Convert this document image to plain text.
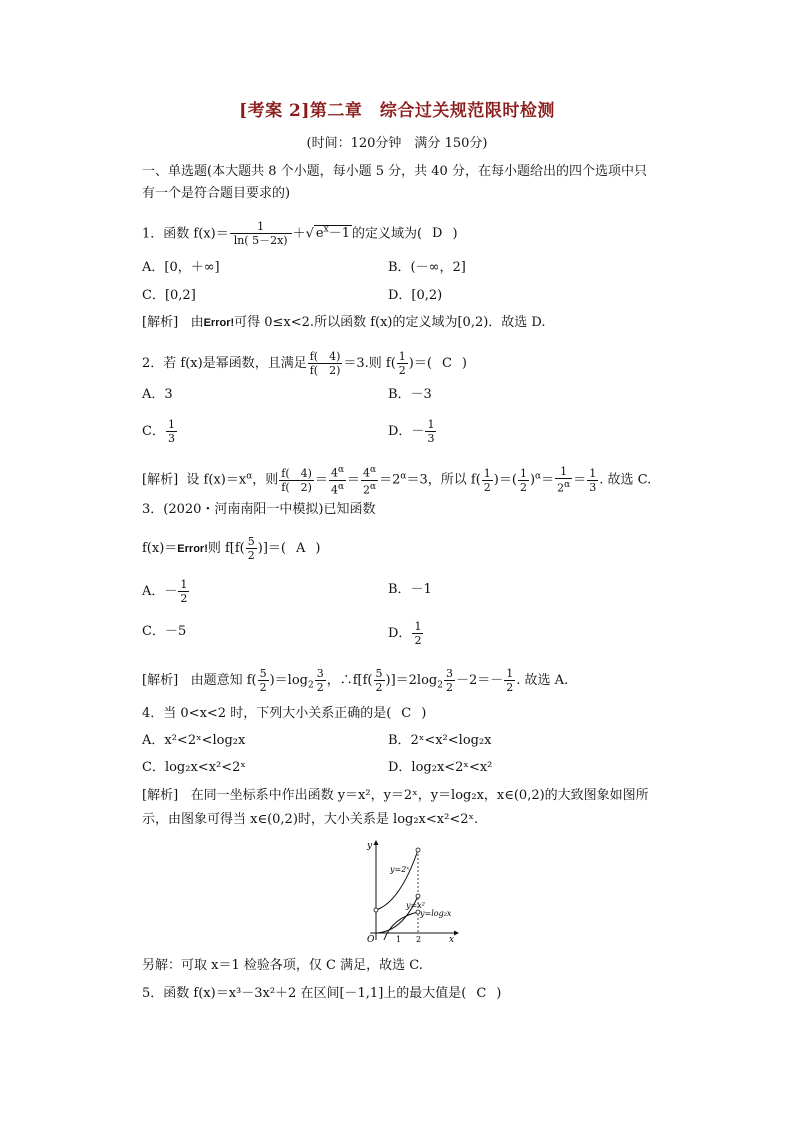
[考案 2]第二章　综合过关规范限时检测
(时间：120分钟　满分 150分)
一、单选题(本大题共 8 个小题，每小题 5 分，共 40 分，在每小题给出的四个选项中只
有一个是符合题目要求的)
1．函数 $f(x)= \frac{1}{\ln( 5-2x)}$ ＋√ $e^x-1$ 的定义域为( D )
A．[0，＋∞]	B．(－∞，2]
C．[0,2]	D．[0,2)
[解析] 由Error!可得 0≤x<2.所以函数 f(x)的定义域为[0,2)．故选 D.
2．若 f(x)是幂函数，且满足 $\frac{f( 4)}{f( 2)} =3$.则 $f( \frac{1}{2}$ )＝( C )
A．3	B．－3
C． $\frac{1}{3}$	D．－ $\frac{1}{3}$
[解析] 设 $f(x)=x^\alpha$，则 $\frac{f( 4)}{f( 2)} = \frac{4^\alpha}{4^\alpha} = \frac{4^\alpha}{2^\alpha} =2^\alpha=3$，所以 $f( \frac{1}{2}$ )＝( $\frac{1}{2} )^\alpha= \frac{1}{2^\alpha} = \frac{1}{3}$ . 故选 C.
3．(2020・河南南阳一中模拟)已知函数
f(x)＝Error!则 $f[f( \frac{5}{2}$ )]＝( A )
A．－ $\frac{1}{2}$	B．－1
C．－5	D． $\frac{1}{2}$
[解析] 由题意知 $f( \frac{5}{2} )=\log_2 \frac{3}{2}$ ，∴f[f( $\frac{5}{2} )]=2\log_2 \frac{3}{2} -2=- \frac{1}{2}$ . 故选 A.
4．当 0<x<2 时，下列大小关系正确的是( C )
A．x²<2ˣ<log₂x	B．2ˣ<x²<log₂x
C．log₂x<x²<2ˣ	D．log₂x<2ˣ<x²
[解析] 在同一坐标系中作出函数 y＝x²，y＝2ˣ，y＝log₂x，x∈(0,2)的大致图象如图所
示，由图象可得当 x∈(0,2)时，大小关系是 log₂x<x²<2ˣ.
y
x
O	1 2
y=2ˣ
y=x²
y=log₂x
另解：可取 x＝1 检验各项，仅 C 满足，故选 C.
5．函数 f(x)＝x³－3x²＋2 在区间[－1,1]上的最大值是( C )
